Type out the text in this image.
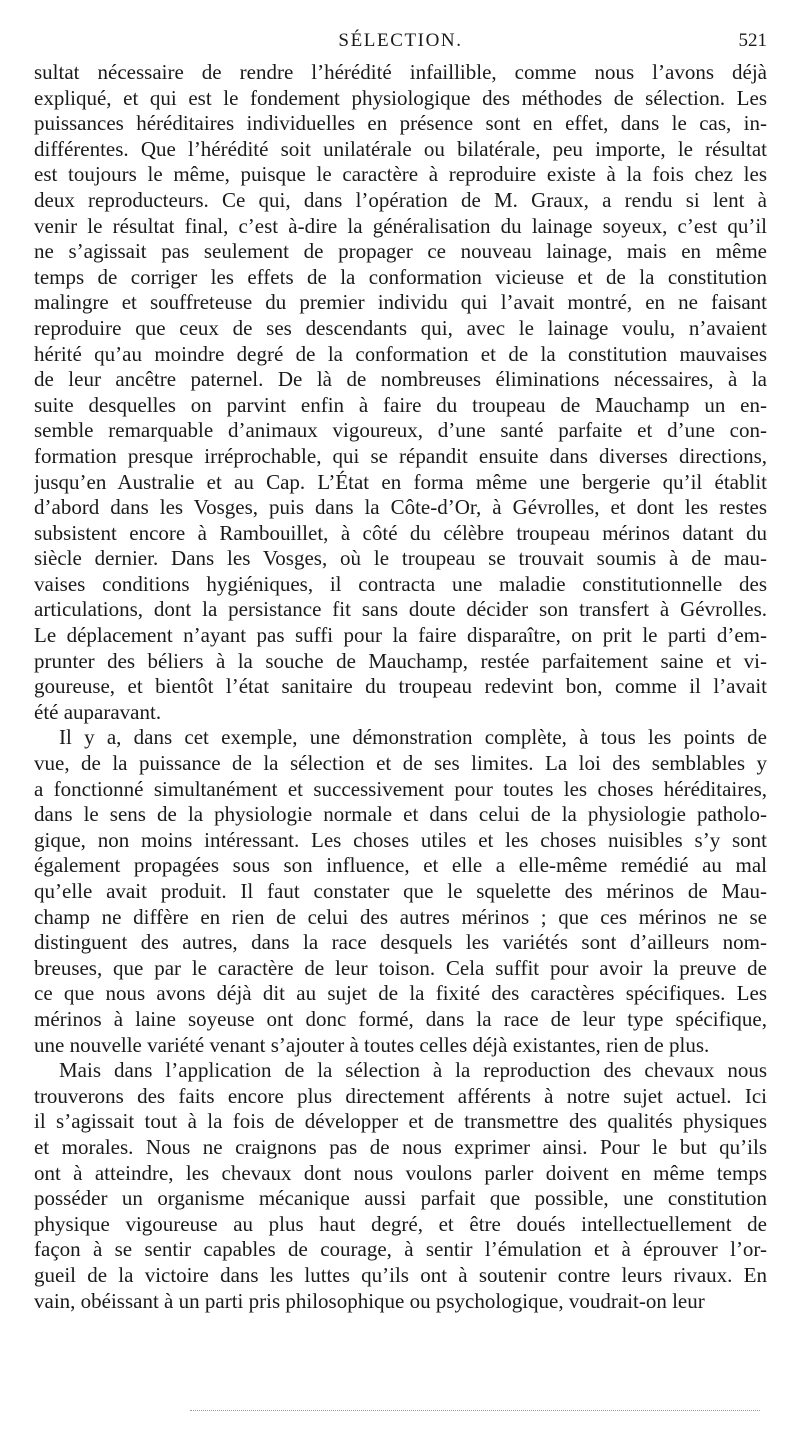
SÉLECTION.	521
sultat nécessaire de rendre l’hérédité infaillible, comme nous l’avons déjà
expliqué, et qui est le fondement physiologique des méthodes de sélection. Les
puissances héréditaires individuelles en présence sont en effet, dans le cas, in-
différentes. Que l’hérédité soit unilatérale ou bilatérale, peu importe, le résultat
est toujours le même, puisque le caractère à reproduire existe à la fois chez les
deux reproducteurs. Ce qui, dans l’opération de M. Graux, a rendu si lent à
venir le résultat final, c’est à-dire la généralisation du lainage soyeux, c’est qu’il
ne s’agissait pas seulement de propager ce nouveau lainage, mais en même
temps de corriger les effets de la conformation vicieuse et de la constitution
malingre et souffreteuse du premier individu qui l’avait montré, en ne faisant
reproduire que ceux de ses descendants qui, avec le lainage voulu, n’avaient
hérité qu’au moindre degré de la conformation et de la constitution mauvaises
de leur ancêtre paternel. De là de nombreuses éliminations nécessaires, à la
suite desquelles on parvint enfin à faire du troupeau de Mauchamp un en-
semble remarquable d’animaux vigoureux, d’une santé parfaite et d’une con-
formation presque irréprochable, qui se répandit ensuite dans diverses directions,
jusqu’en Australie et au Cap. L’État en forma même une bergerie qu’il établit
d’abord dans les Vosges, puis dans la Côte-d’Or, à Gévrolles, et dont les restes
subsistent encore à Rambouillet, à côté du célèbre troupeau mérinos datant du
siècle dernier. Dans les Vosges, où le troupeau se trouvait soumis à de mau-
vaises conditions hygiéniques, il contracta une maladie constitutionnelle des
articulations, dont la persistance fit sans doute décider son transfert à Gévrolles.
Le déplacement n’ayant pas suffi pour la faire disparaître, on prit le parti d’em-
prunter des béliers à la souche de Mauchamp, restée parfaitement saine et vi-
goureuse, et bientôt l’état sanitaire du troupeau redevint bon, comme il l’avait
été auparavant.
Il y a, dans cet exemple, une démonstration complète, à tous les points de
vue, de la puissance de la sélection et de ses limites. La loi des semblables y
a fonctionné simultanément et successivement pour toutes les choses héréditaires,
dans le sens de la physiologie normale et dans celui de la physiologie patholo-
gique, non moins intéressant. Les choses utiles et les choses nuisibles s’y sont
également propagées sous son influence, et elle a elle-même remédié au mal
qu’elle avait produit. Il faut constater que le squelette des mérinos de Mau-
champ ne diffère en rien de celui des autres mérinos ; que ces mérinos ne se
distinguent des autres, dans la race desquels les variétés sont d’ailleurs nom-
breuses, que par le caractère de leur toison. Cela suffit pour avoir la preuve de
ce que nous avons déjà dit au sujet de la fixité des caractères spécifiques. Les
mérinos à laine soyeuse ont donc formé, dans la race de leur type spécifique,
une nouvelle variété venant s’ajouter à toutes celles déjà existantes, rien de plus.
Mais dans l’application de la sélection à la reproduction des chevaux nous
trouverons des faits encore plus directement afférents à notre sujet actuel. Ici
il s’agissait tout à la fois de développer et de transmettre des qualités physiques
et morales. Nous ne craignons pas de nous exprimer ainsi. Pour le but qu’ils
ont à atteindre, les chevaux dont nous voulons parler doivent en même temps
posséder un organisme mécanique aussi parfait que possible, une constitution
physique vigoureuse au plus haut degré, et être doués intellectuellement de
façon à se sentir capables de courage, à sentir l’émulation et à éprouver l’or-
gueil de la victoire dans les luttes qu’ils ont à soutenir contre leurs rivaux. En
vain, obéissant à un parti pris philosophique ou psychologique, voudrait-on leur
